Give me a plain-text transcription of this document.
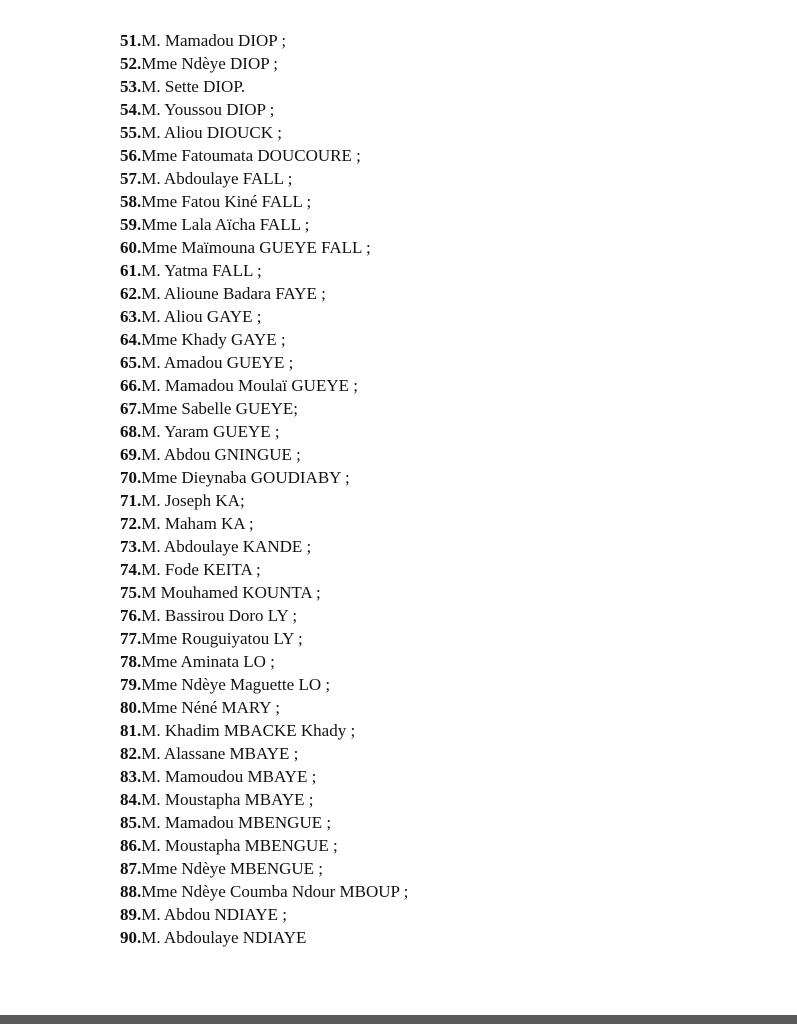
51.M. Mamadou DIOP ;
52.Mme Ndèye DIOP ;
53.M. Sette DIOP.
54.M. Youssou DIOP ;
55.M. Aliou DIOUCK ;
56.Mme Fatoumata DOUCOURE ;
57.M. Abdoulaye FALL ;
58.Mme Fatou Kiné FALL ;
59.Mme Lala Aïcha FALL ;
60.Mme Maïmouna GUEYE FALL ;
61.M. Yatma FALL ;
62.M. Alioune Badara FAYE ;
63.M. Aliou GAYE ;
64.Mme Khady GAYE ;
65.M. Amadou GUEYE ;
66.M. Mamadou Moulaï GUEYE ;
67.Mme Sabelle GUEYE;
68.M. Yaram GUEYE ;
69.M. Abdou GNINGUE ;
70.Mme Dieynaba GOUDIABY ;
71.M. Joseph KA;
72.M. Maham KA ;
73.M. Abdoulaye KANDE ;
74.M. Fode KEITA ;
75.M Mouhamed KOUNTA ;
76.M. Bassirou Doro LY ;
77.Mme Rouguiyatou LY ;
78.Mme Aminata LO ;
79.Mme Ndèye Maguette LO ;
80.Mme Néné MARY ;
81.M. Khadim MBACKE Khady ;
82.M. Alassane MBAYE ;
83.M. Mamoudou MBAYE ;
84.M. Moustapha MBAYE ;
85.M. Mamadou MBENGUE ;
86.M. Moustapha MBENGUE ;
87.Mme Ndèye MBENGUE ;
88.Mme Ndèye Coumba Ndour MBOUP ;
89.M. Abdou NDIAYE ;
90.M. Abdoulaye NDIAYE
